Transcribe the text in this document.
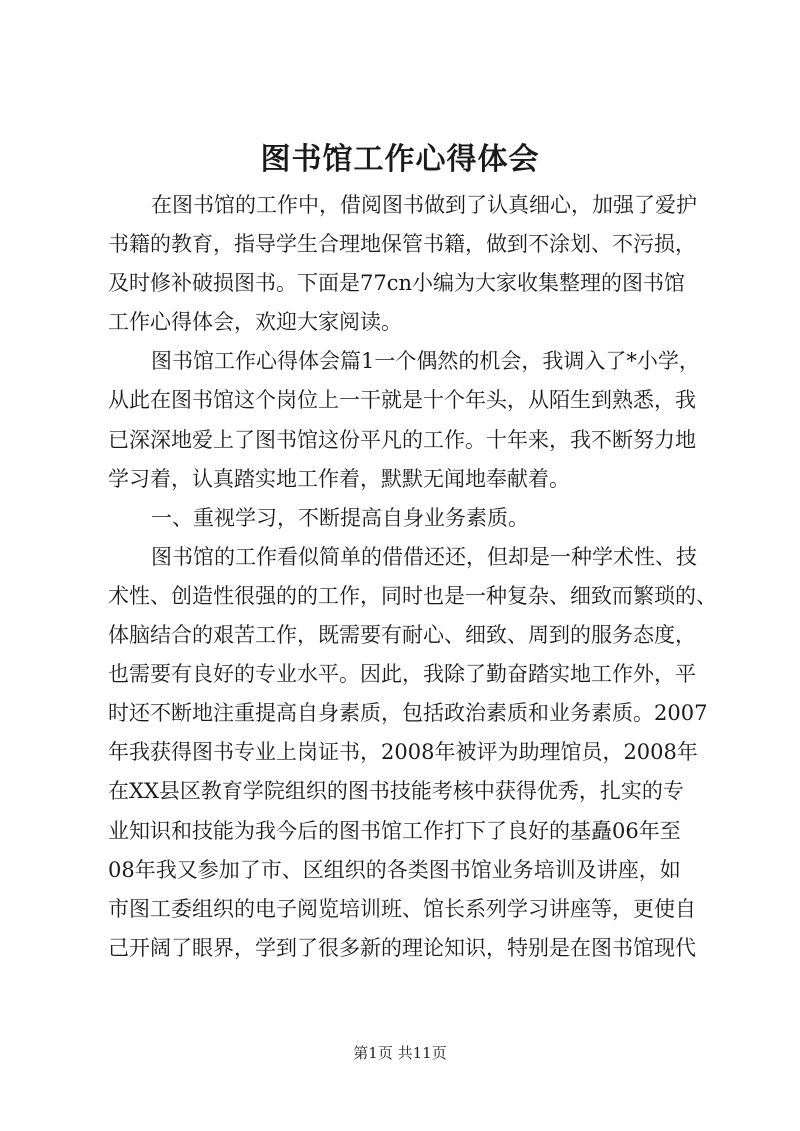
图书馆工作心得体会
在图书馆的工作中，借阅图书做到了认真细心，加强了爱护
书籍的教育，指导学生合理地保管书籍，做到不涂划、不污损，
及时修补破损图书。下面是77cn小编为大家收集整理的图书馆
工作心得体会，欢迎大家阅读。
图书馆工作心得体会篇1一个偶然的机会，我调入了*小学，
从此在图书馆这个岗位上一干就是十个年头，从陌生到熟悉，我
已深深地爱上了图书馆这份平凡的工作。十年来，我不断努力地
学习着，认真踏实地工作着，默默无闻地奉献着。
一、重视学习，不断提高自身业务素质。
图书馆的工作看似简单的借借还还，但却是一种学术性、技
术性、创造性很强的的工作，同时也是一种复杂、细致而繁琐的、
体脑结合的艰苦工作，既需要有耐心、细致、周到的服务态度，
也需要有良好的专业水平。因此，我除了勤奋踏实地工作外，平
时还不断地注重提高自身素质，包括政治素质和业务素质。2007
年我获得图书专业上岗证书，2008年被评为助理馆员，2008年
在XX县区教育学院组织的图书技能考核中获得优秀，扎实的专
业知识和技能为我今后的图书馆工作打下了良好的基矗06年至
08年我又参加了市、区组织的各类图书馆业务培训及讲座，如
市图工委组织的电子阅览培训班、馆长系列学习讲座等，更使自
己开阔了眼界，学到了很多新的理论知识，特别是在图书馆现代
第1页 共11页
